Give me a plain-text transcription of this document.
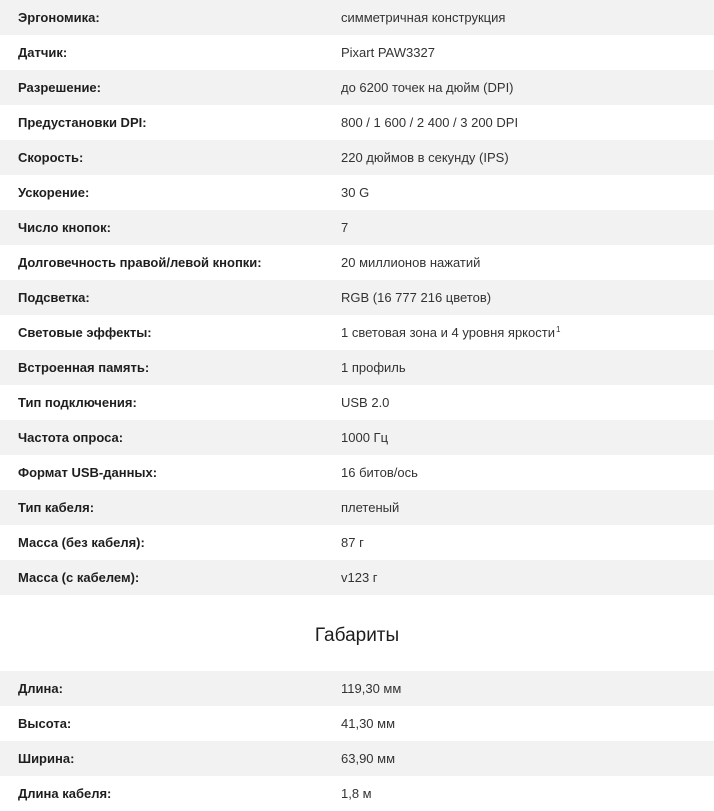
Эргономика:	симметричная конструкция
Датчик:	Pixart PAW3327
Разрешение:	до 6200 точек на дюйм (DPI)
Предустановки DPI:	800 / 1 600 / 2 400 / 3 200 DPI
Скорость:	220 дюймов в секунду (IPS)
Ускорение:	30 G
Число кнопок:	7
Долговечность правой/левой кнопки:	20 миллионов нажатий
Подсветка:	RGB (16 777 216 цветов)
Световые эффекты:	1 световая зона и 4 уровня яркости$^1$
Встроенная память:	1 профиль
Тип подключения:	USB 2.0
Частота опроса:	1000 Гц
Формат USB-данных:	16 битов/ось
Тип кабеля:	плетеный
Масса (без кабеля):	87 г
Масса (с кабелем):	v123 г
Габариты
Длина:	119,30 мм
Высота:	41,30 мм
Ширина:	63,90 мм
Длина кабеля:	1,8 м
